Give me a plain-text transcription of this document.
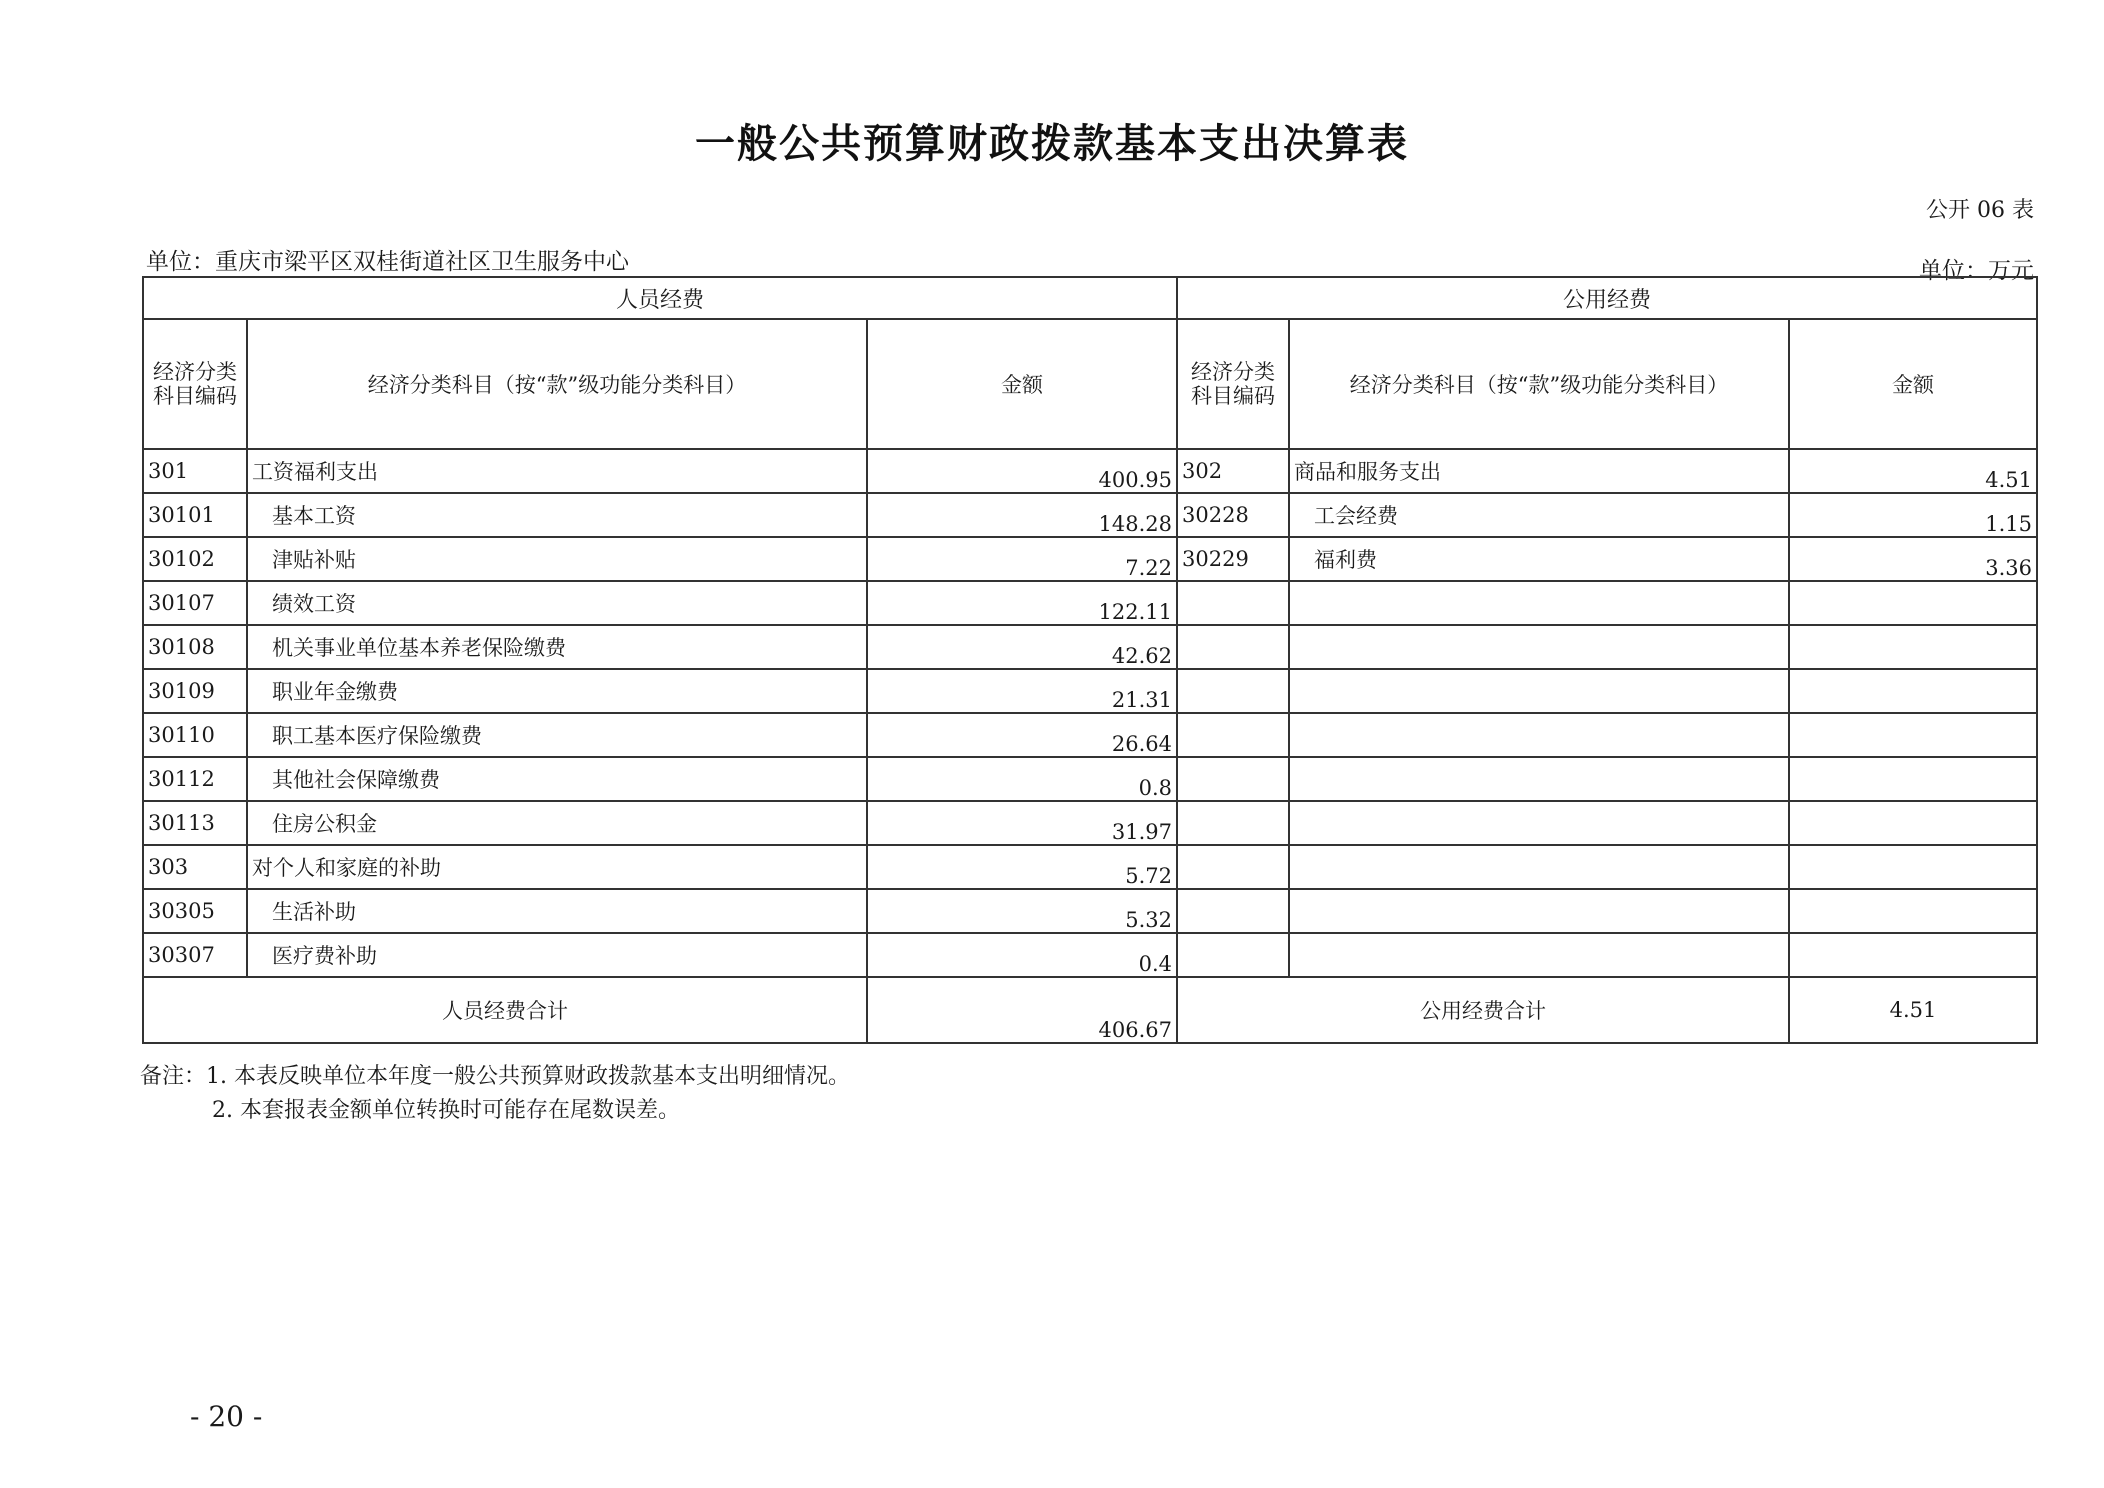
一般公共预算财政拨款基本支出决算表
公开 06 表
单位：重庆市梁平区双桂街道社区卫生服务中心	单位：万元
人员经费			公用经费		
经济分类科目编码	经济分类科目（按“款”级功能分类科目）	金额	经济分类科目编码	经济分类科目（按“款”级功能分类科目）	金额
301	工资福利支出	400.95	302	商品和服务支出	4.51
30101	基本工资	148.28	30228	工会经费	1.15
30102	津贴补贴	7.22	30229	福利费	3.36
30107	绩效工资	122.11			
30108	机关事业单位基本养老保险缴费	42.62			
30109	职业年金缴费	21.31			
30110	职工基本医疗保险缴费	26.64			
30112	其他社会保障缴费	0.8			
30113	住房公积金	31.97			
303	对个人和家庭的补助	5.72			
30305	生活补助	5.32			
30307	医疗费补助	0.4			
人员经费合计		406.67	公用经费合计		4.51
备注：1. 本表反映单位本年度一般公共预算财政拨款基本支出明细情况。
2. 本套报表金额单位转换时可能存在尾数误差。
- 20 -
